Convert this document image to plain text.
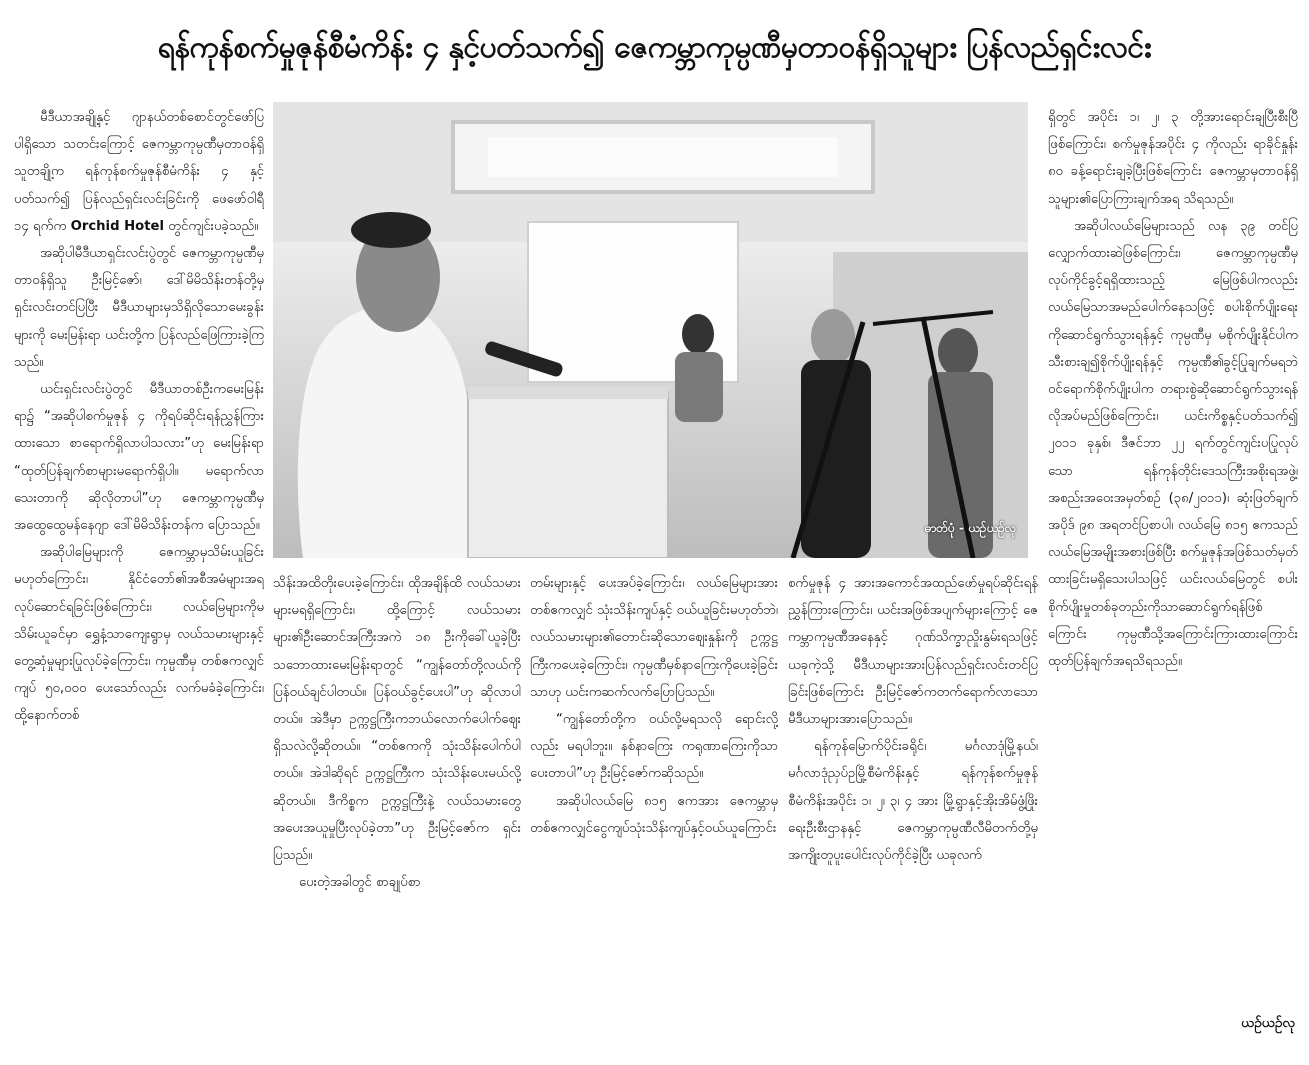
ရန်ကုန်စက်မှုဇုန်စီမံကိန်း ၄ နှင့်ပတ်သက်၍ ဇေကမ္ဘာကုမ္ပဏီမှတာဝန်ရှိသူများ ပြန်လည်ရှင်းလင်း

မီဒီယာအချို့နှင့် ဂျာနယ်တစ်စောင်တွင်ဖော်ပြပါရှိသော သတင်းကြောင့် ဇေကမ္ဘာကုမ္ပဏီမှတာဝန်ရှိသူတချို့က ရန်ကုန်စက်မှုဇုန်စီမံကိန်း ၄ နှင့်ပတ်သက်၍ ပြန်လည်ရှင်းလင်းခြင်းကို ဖေဖော်ဝါရီ ၁၄ ရက်က Orchid Hotel တွင်ကျင်းပခဲ့သည်။

အဆိုပါမီဒီယာရှင်းလင်းပွဲတွင် ဇေကမ္ဘာကုမ္ပဏီမှတာဝန်ရှိသူ ဦးမြင့်ဇော်၊ ဒေါ်မိမိသိန်းတန်တို့မှ ရှင်းလင်းတင်ပြပြီး မီဒီယာများမှသိရှိလိုသောမေးခွန်းများကို မေးမြန်းရာ ယင်းတို့က ပြန်လည်ဖြေကြားခဲ့ကြသည်။

ယင်းရှင်းလင်းပွဲတွင် မီဒီယာတစ်ဦးကမေးမြန်းရာ၌ “အဆိုပါစက်မှုဇုန် ၄ ကိုရပ်ဆိုင်းရန်ညွှန်ကြားထားသော စာရောက်ရှိလာပါသလား”ဟု မေးမြန်းရာ “ထုတ်ပြန်ချက်စာများမရောက်ရှိပါ။ မရောက်လာသေးတာကို ဆိုလိုတာပါ”ဟု ဇေကမ္ဘာကုမ္ပဏီမှအထွေထွေမန်နေဂျာ ဒေါ်မိမိသိန်းတန်က ပြောသည်။

အဆိုပါမြေများကို ဇေကမ္ဘာမှသိမ်းယူခြင်းမဟုတ်ကြောင်း၊ နိုင်ငံတော်၏အစီအမံများအရလုပ်ဆောင်ရခြင်းဖြစ်ကြောင်း၊ လယ်မြေများကိုမသိမ်းယူခင်မှာ ရွှေနံ့သာကျေးရွာမှ လယ်သမားများနှင့်တွေ့ဆုံမှုများပြုလုပ်ခဲ့ကြောင်း၊ ကုမ္ပဏီမှ တစ်ဧကလျှင်ကျပ် ၅၀,၀၀၀ ပေးသော်လည်း လက်မခံခဲ့ကြောင်း၊ ထို့နောက်တစ်

ဓာတ်ပုံ - ယဉ်ယဉ်လု

သိန်းအထိတိုးပေးခဲ့ကြောင်း၊ ထိုအချိန်ထိ လယ်သမားများမရရှိကြောင်း၊ ထို့ကြောင့် လယ်သမားများ၏ဦးဆောင်အကြီးအကဲ ၁၈ ဦးကိုခေါ်ယူခဲ့ပြီး သဘောထားမေးမြန်းရာတွင် “ကျွန်တော်တို့လယ်ကိုပြန်ဝယ်ချင်ပါတယ်။ ပြန်ဝယ်ခွင့်ပေးပါ”ဟု ဆိုလာပါတယ်။ အဲဒီမှာ ဥက္ကဋ္ဌကြီးကဘယ်လောက်ပေါက်ဈေးရှိသလဲလို့ဆိုတယ်။ “တစ်ဧကကို သုံးသိန်းပေါက်ပါတယ်။ အဲဒါဆိုရင် ဥက္ကဋ္ဌကြီးက သုံးသိန်းပေးမယ်လို့ဆိုတယ်။ ဒီကိစ္စက ဥက္ကဋ္ဌကြီးနဲ့ လယ်သမားတွေအပေးအယူမှုပြီးလုပ်ခဲ့တာ”ဟု ဦးမြင့်ဇော်က ရှင်းပြသည်။

ပေးတဲ့အခါတွင် စာချုပ်စာ

တမ်းများနှင့် ပေးအပ်ခဲ့ကြောင်း၊ လယ်မြေများအား တစ်ဧကလျှင် သုံးသိန်းကျပ်နှင့် ဝယ်ယူခြင်းမဟုတ်ဘဲ၊ လယ်သမားများ၏တောင်းဆိုသောဈေးနှုန်းကို ဥက္ကဋ္ဌကြီးကပေးခဲ့ကြောင်း၊ ကုမ္ပဏီမှစ်နာကြေးကိုပေးခဲ့ခြင်းသာဟု ယင်းကဆက်လက်ပြောပြသည်။

“ကျွန်တော်တို့က ဝယ်လို့မရသလို ရောင်းလို့လည်း မရပါဘူး။ နစ်နာကြေး ကရုဏာကြေးကိုသာပေးတာပါ”ဟု ဦးမြင့်ဇော်ကဆိုသည်။

အဆိုပါလယ်မြေ ၈၁၅ ဧကအား ဇေကမ္ဘာမှ တစ်ဧကလျှင်ငွေကျပ်သုံးသိန်းကျပ်နှင့်ဝယ်ယူကြောင်း

စက်မှုဇုန် ၄ အားအကောင်အထည်ဖော်မှုရပ်ဆိုင်းရန်ညွှန်ကြားကြောင်း၊ ယင်းအဖြစ်အပျက်များကြောင့် ဇေကမ္ဘာကုမ္ပဏီအနေနှင့် ဂုဏ်သိက္ခာညှိုးနွမ်းရသဖြင့် ယခုကဲ့သို့ မီဒီယာများအားပြန်လည်ရှင်းလင်းတင်ပြခြင်းဖြစ်ကြောင်း ဦးမြင့်ဇော်ကတက်ရောက်လာသော မီဒီယာများအားပြောသည်။

ရန်ကုန်မြောက်ပိုင်းခရိုင်၊ မင်္ဂလာဒုံမြို့နယ်၊ မင်္ဂလာဒုံညှပ်ဥမြို့စီမံကိန်းနှင့် ရန်ကုန်စက်မှုဇုန်စီမံကိန်းအပိုင်း ၁၊ ၂၊ ၃၊ ၄ အား မြို့ရွာနှင့်အိုးအိမ်ဖွံ့ဖြိုးရေးဦးစီးဌာနနှင့် ဇေကမ္ဘာကုမ္ပဏီလီမိတက်တို့မှ အကျိုးတူပူးပေါင်းလုပ်ကိုင်ခဲ့ပြီး ယခုလက်

ရှိတွင် အပိုင်း ၁၊ ၂၊ ၃ တို့အားရောင်းချပြီးစီးပြီဖြစ်ကြောင်း၊ စက်မှုဇုန်အပိုင်း ၄ ကိုလည်း ရာခိုင်နှုန်း ၈၀ ခန့်ရောင်းချခဲ့ပြီးဖြစ်ကြောင်း ဇေကမ္ဘာမှတာဝန်ရှိသူများ၏ပြောကြားချက်အရ သိရသည်။

အဆိုပါလယ်မြေများသည် လန ၃၉ တင်ပြလျှောက်ထားဆဲဖြစ်ကြောင်း၊ ဇေကမ္ဘာကုမ္ပဏီမှလုပ်ကိုင်ခွင့်ရရှိထားသည့် မြေဖြစ်ပါကလည်း လယ်မြေသာအမည်ပေါက်နေသဖြင့် စပါးစိုက်ပျိုးရေးကိုဆောင်ရွက်သွားရန်နှင့် ကုမ္ပဏီမှ မစိုက်ပျိုးနိုင်ပါက သီးစားချ၍စိုက်ပျိုးရန်နှင့် ကုမ္ပဏီ၏ခွင့်ပြုချက်မရဘဲဝင်ရောက်စိုက်ပျိုးပါက တရားစွဲဆိုဆောင်ရွက်သွားရန် လိုအပ်မည်ဖြစ်ကြောင်း၊ ယင်းကိစ္စနှင့်ပတ်သက်၍ ၂၀၁၁ ခုနှစ်၊ ဒီဇင်ဘာ ၂၂ ရက်တွင်ကျင်းပပြုလုပ်သော ရန်ကုန်တိုင်းဒေသကြီးအစိုးရအဖွဲ့၊ အစည်းအဝေးအမှတ်စဉ် (၃၈/၂၀၁၁)၊ ဆုံးဖြတ်ချက်အပိုဒ် ၉၈ အရတင်ပြစာပါ၊ လယ်မြေ ၈၁၅ ဧကသည် လယ်မြေအမျိုးအစားဖြစ်ပြီး စက်မှုဇုန်အဖြစ်သတ်မှတ်ထားခြင်းမရှိသေးပါသဖြင့် ယင်းလယ်မြေတွင် စပါးစိုက်ပျိုးမှုတစ်ခုတည်းကိုသာဆောင်ရွက်ရန်ဖြစ်ကြောင်း ကုမ္ပဏီသို့အကြောင်းကြားထားကြောင်း ထုတ်ပြန်ချက်အရသိရသည်။

ယဉ်ယဉ်လု
